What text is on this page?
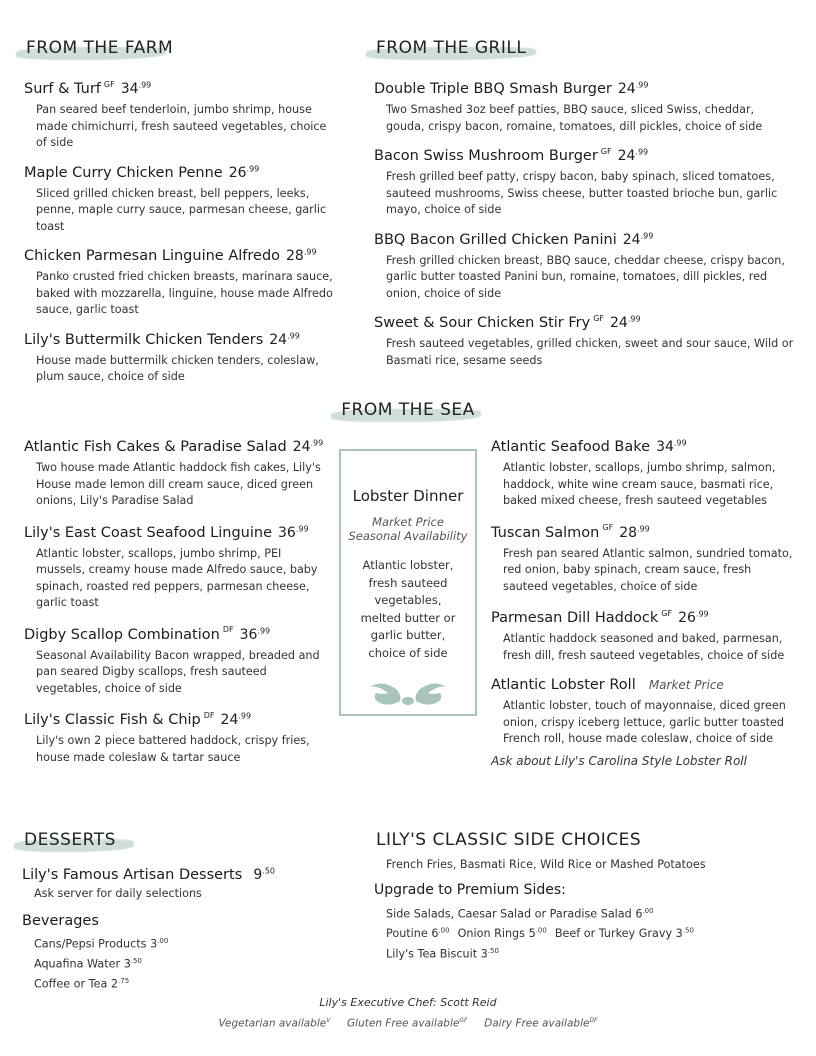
FROM THE FARM
Surf & Turf $^{GF}$ $34^{.99}$
Pan seared beef tenderloin, jumbo shrimp, house made chimichurri, fresh sauteed vegetables, choice of side
Maple Curry Chicken Penne $26^{.99}$
Sliced grilled chicken breast, bell peppers, leeks, penne, maple curry sauce, parmesan cheese, garlic toast
Chicken Parmesan Linguine Alfredo $28^{.99}$
Panko crusted fried chicken breasts, marinara sauce, baked with mozzarella, linguine, house made Alfredo sauce, garlic toast
Lily's Buttermilk Chicken Tenders $24^{.99}$
House made buttermilk chicken tenders, coleslaw, plum sauce, choice of side
FROM THE GRILL
Double Triple BBQ Smash Burger $24^{.99}$
Two Smashed 3oz beef patties, BBQ sauce, sliced Swiss, cheddar, gouda, crispy bacon, romaine, tomatoes, dill pickles, choice of side
Bacon Swiss Mushroom Burger $^{GF}$ $24^{.99}$
Fresh grilled beef patty, crispy bacon, baby spinach, sliced tomatoes, sauteed mushrooms, Swiss cheese, butter toasted brioche bun, garlic mayo, choice of side
BBQ Bacon Grilled Chicken Panini $24^{.99}$
Fresh grilled chicken breast, BBQ sauce, cheddar cheese, crispy bacon, garlic butter toasted Panini bun, romaine, tomatoes, dill pickles, red onion, choice of side
Sweet & Sour Chicken Stir Fry $^{GF}$ $24^{.99}$
Fresh sauteed vegetables, grilled chicken, sweet and sour sauce, Wild or Basmati rice, sesame seeds
FROM THE SEA
Atlantic Fish Cakes & Paradise Salad $24^{.99}$
Two house made Atlantic haddock fish cakes, Lily's House made lemon dill cream sauce, diced green onions, Lily's Paradise Salad
Lily's East Coast Seafood Linguine $36^{.99}$
Atlantic lobster, scallops, jumbo shrimp, PEI mussels, creamy house made Alfredo sauce, baby spinach, roasted red peppers, parmesan cheese, garlic toast
Digby Scallop Combination $^{DF}$ $36^{.99}$
Seasonal Availability Bacon wrapped, breaded and pan seared Digby scallops, fresh sauteed vegetables, choice of side
Lily's Classic Fish & Chip $^{DF}$ $24^{.99}$
Lily's own 2 piece battered haddock, crispy fries, house made coleslaw & tartar sauce
Lobster Dinner
Market Price
Seasonal Availability
Atlantic lobster, fresh sauteed vegetables, melted butter or garlic butter, choice of side
Atlantic Seafood Bake $34^{.99}$
Atlantic lobster, scallops, jumbo shrimp, salmon, haddock, white wine cream sauce, basmati rice, baked mixed cheese, fresh sauteed vegetables
Tuscan Salmon $^{GF}$ $28^{.99}$
Fresh pan seared Atlantic salmon, sundried tomato, red onion, baby spinach, cream sauce, fresh sauteed vegetables, choice of side
Parmesan Dill Haddock $^{GF}$ $26^{.99}$
Atlantic haddock seasoned and baked, parmesan, fresh dill, fresh sauteed vegetables, choice of side
Atlantic Lobster Roll Market Price
Atlantic lobster, touch of mayonnaise, diced green onion, crispy iceberg lettuce, garlic butter toasted French roll, house made coleslaw, choice of side
Ask about Lily's Carolina Style Lobster Roll
DESSERTS
Lily's Famous Artisan Desserts $9^{.50}$
Ask server for daily selections
Beverages
Cans/Pepsi Products $3^{.00}$
Aquafina Water $3^{.50}$
Coffee or Tea $2^{.75}$
LILY'S CLASSIC SIDE CHOICES
French Fries, Basmati Rice, Wild Rice or Mashed Potatoes
Upgrade to Premium Sides:
Side Salads, Caesar Salad or Paradise Salad $6^{.00}$
Poutine $6^{.00}$ Onion Rings $5^{.00}$ Beef or Turkey Gravy $3^{.50}$
Lily's Tea Biscuit $3^{.50}$
Lily's Executive Chef: Scott Reid
Vegetarian available$^V$ Gluten Free available$^{GF}$ Dairy Free available$^{DF}$
